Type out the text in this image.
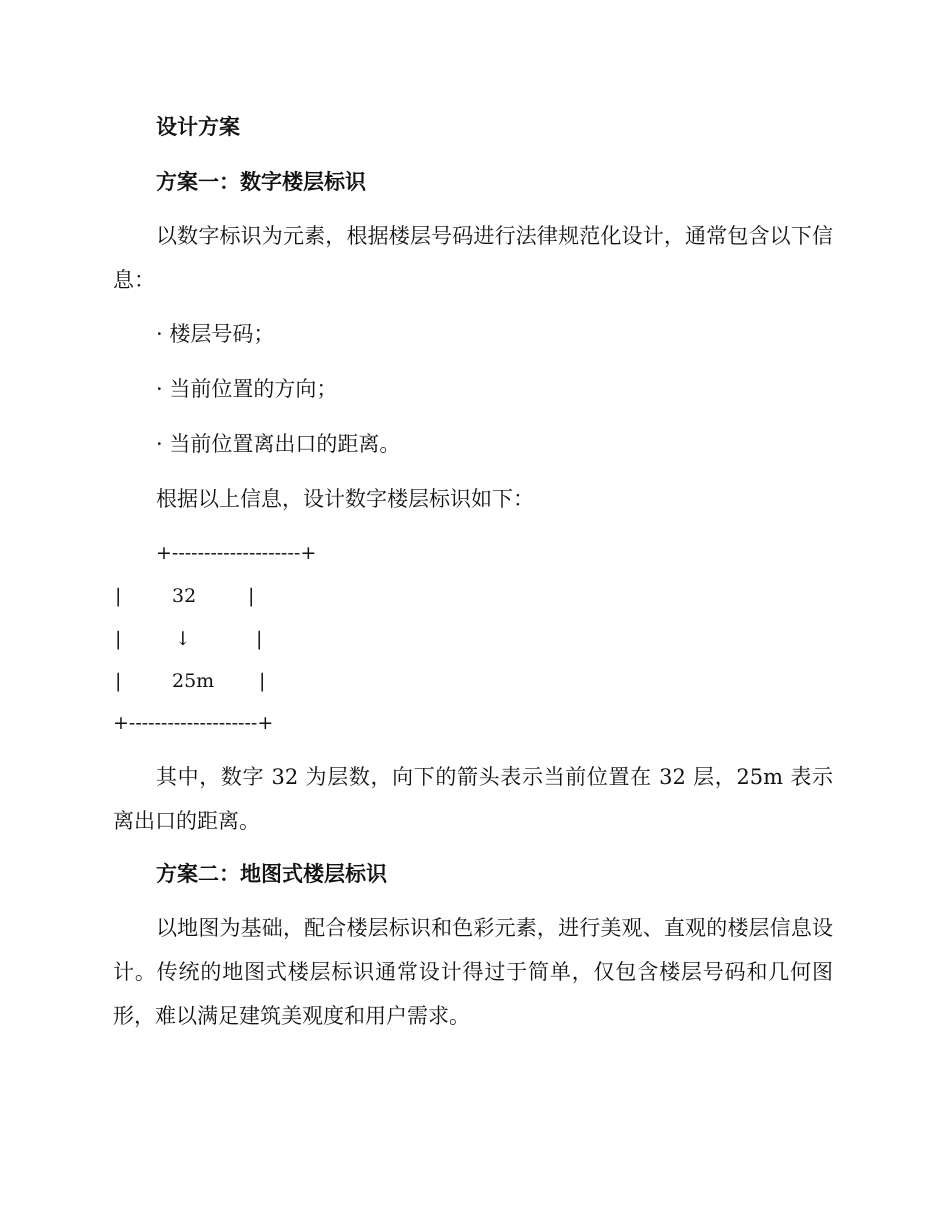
设计方案

方案一：数字楼层标识

以数字标识为元素，根据楼层号码进行法律规范化设计，通常包含以下信息：

· 楼层号码；

· 当前位置的方向；

· 当前位置离出口的距离。

根据以上信息，设计数字楼层标识如下：

+--------------------+

|	32	|

|	↓	|

|	25m |

+--------------------+

其中，数字 32 为层数，向下的箭头表示当前位置在 32 层，25m 表示离出口的距离。

方案二：地图式楼层标识

以地图为基础，配合楼层标识和色彩元素，进行美观、直观的楼层信息设计。传统的地图式楼层标识通常设计得过于简单，仅包含楼层号码和几何图形，难以满足建筑美观度和用户需求。
